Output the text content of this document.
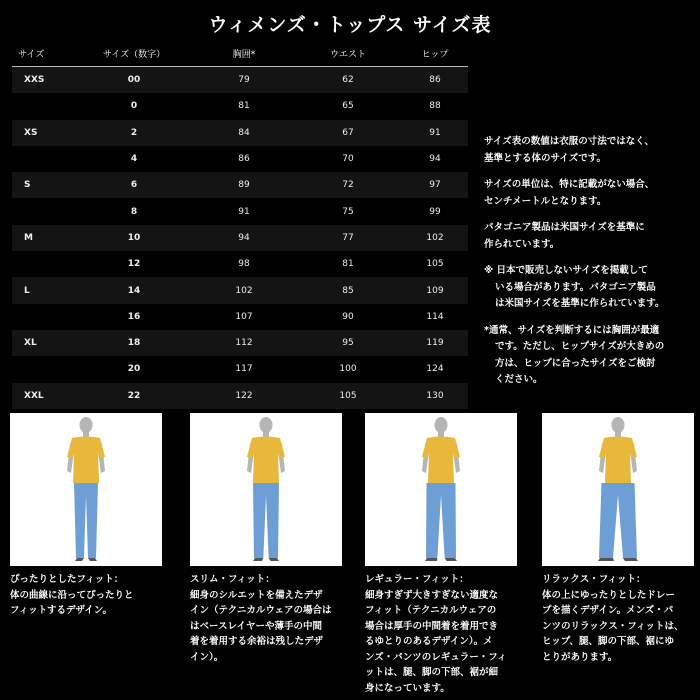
ウィメンズ・トップス サイズ表
サイズ	サイズ（数字）	胸囲*	ウエスト	ヒップ
XXS	00	79	62	86
	0	81	65	88
XS	2	84	67	91
	4	86	70	94
S	6	89	72	97
	8	91	75	99
M	10	94	77	102
	12	98	81	105
L	14	102	85	109
	16	107	90	114
XL	18	112	95	119
	20	117	100	124
XXL	22	122	105	130

サイズ表の数値は衣服の寸法ではなく、
基準とする体のサイズです。

サイズの単位は、特に記載がない場合、
センチメートルとなります。

パタゴニア製品は米国サイズを基準に
作られています。

※ 日本で販売しないサイズを掲載して
いる場合があります。パタゴニア製品
は米国サイズを基準に作られています。

*通常、サイズを判断するには胸囲が最適
です。ただし、ヒップサイズが大きめの
方は、ヒップに合ったサイズをご検討
ください。

ぴったりとしたフィット：
体の曲線に沿ってぴったりと
フィットするデザイン。
スリム・フィット：
細身のシルエットを備えたデザ
イン（テクニカルウェアの場合は
はベースレイヤーや薄手の中間
着を着用する余裕は残したデザ
イン）。
レギュラー・フィット：
細身すぎず大きすぎない適度な
フィット（テクニカルウェアの
場合は厚手の中間着を着用でき
るゆとりのあるデザイン）。メ
ンズ・パンツのレギュラー・フィ
ットは、腿、脚の下部、裾が細
身になっています。
リラックス・フィット：
体の上にゆったりとしたドレー
プを描くデザイン。メンズ・パ
ンツのリラックス・フィットは、
ヒップ、腿、脚の下部、裾にゆ
とりがあります。
